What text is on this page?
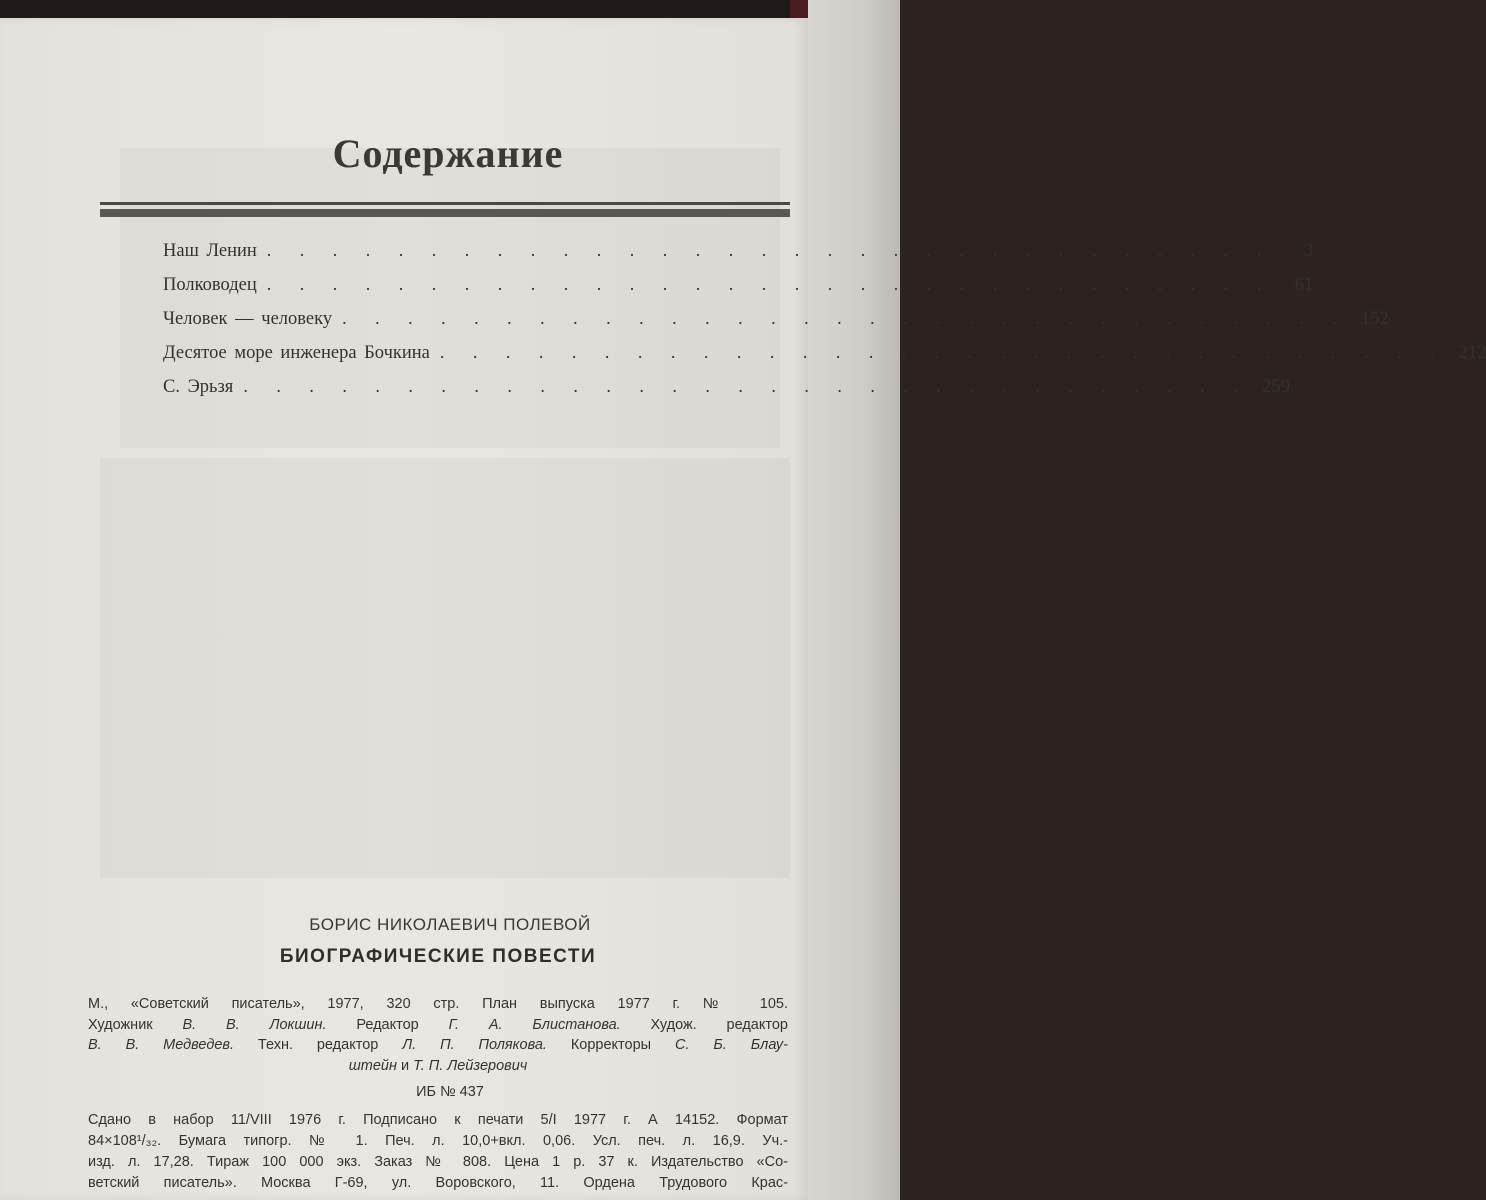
Содержание
Наш Ленин . . . . . . . . . . . . . . . . . . . . . . . . . . . . . . .	3
Полководец . . . . . . . . . . . . . . . . . . . . . . . . . . . . . . .	61
Человек — человеку . . . . . . . . . . . . . . . . . . . . . . . . . . . . . . . 152
Десятое море инженера Бочкина . . . . . . . . . . . . . . . . . . . . . . . . . . . . . . . 212
С. Эрьзя . . . . . . . . . . . . . . . . . . . . . . . . . . . . . . . 259
БОРИС НИКОЛАЕВИЧ ПОЛЕВОЙ
БИОГРАФИЧЕСКИЕ ПОВЕСТИ
М., «Советский писатель», 1977, 320 стр. План выпуска 1977 г. № 105.
Художник В. В. Локшин. Редактор Г. А. Блистанова. Худож. редактор
В. В. Медведев. Техн. редактор Л. П. Полякова. Корректоры С. Б. Блау-
штейн и Т. П. Лейзерович
ИБ № 437
Сдано в набор 11/VIII 1976 г. Подписано к печати 5/I 1977 г. А 14152. Формат
84×108¹/₃₂. Бумага типогр. № 1. Печ. л. 10,0+вкл. 0,06. Усл. печ. л. 16,9. Уч.-
изд. л. 17,28. Тираж 100 000 экз. Заказ № 808. Цена 1 р. 37 к. Издательство «Со-
ветский писатель». Москва Г-69, ул. Воровского, 11. Ордена Трудового Крас-
